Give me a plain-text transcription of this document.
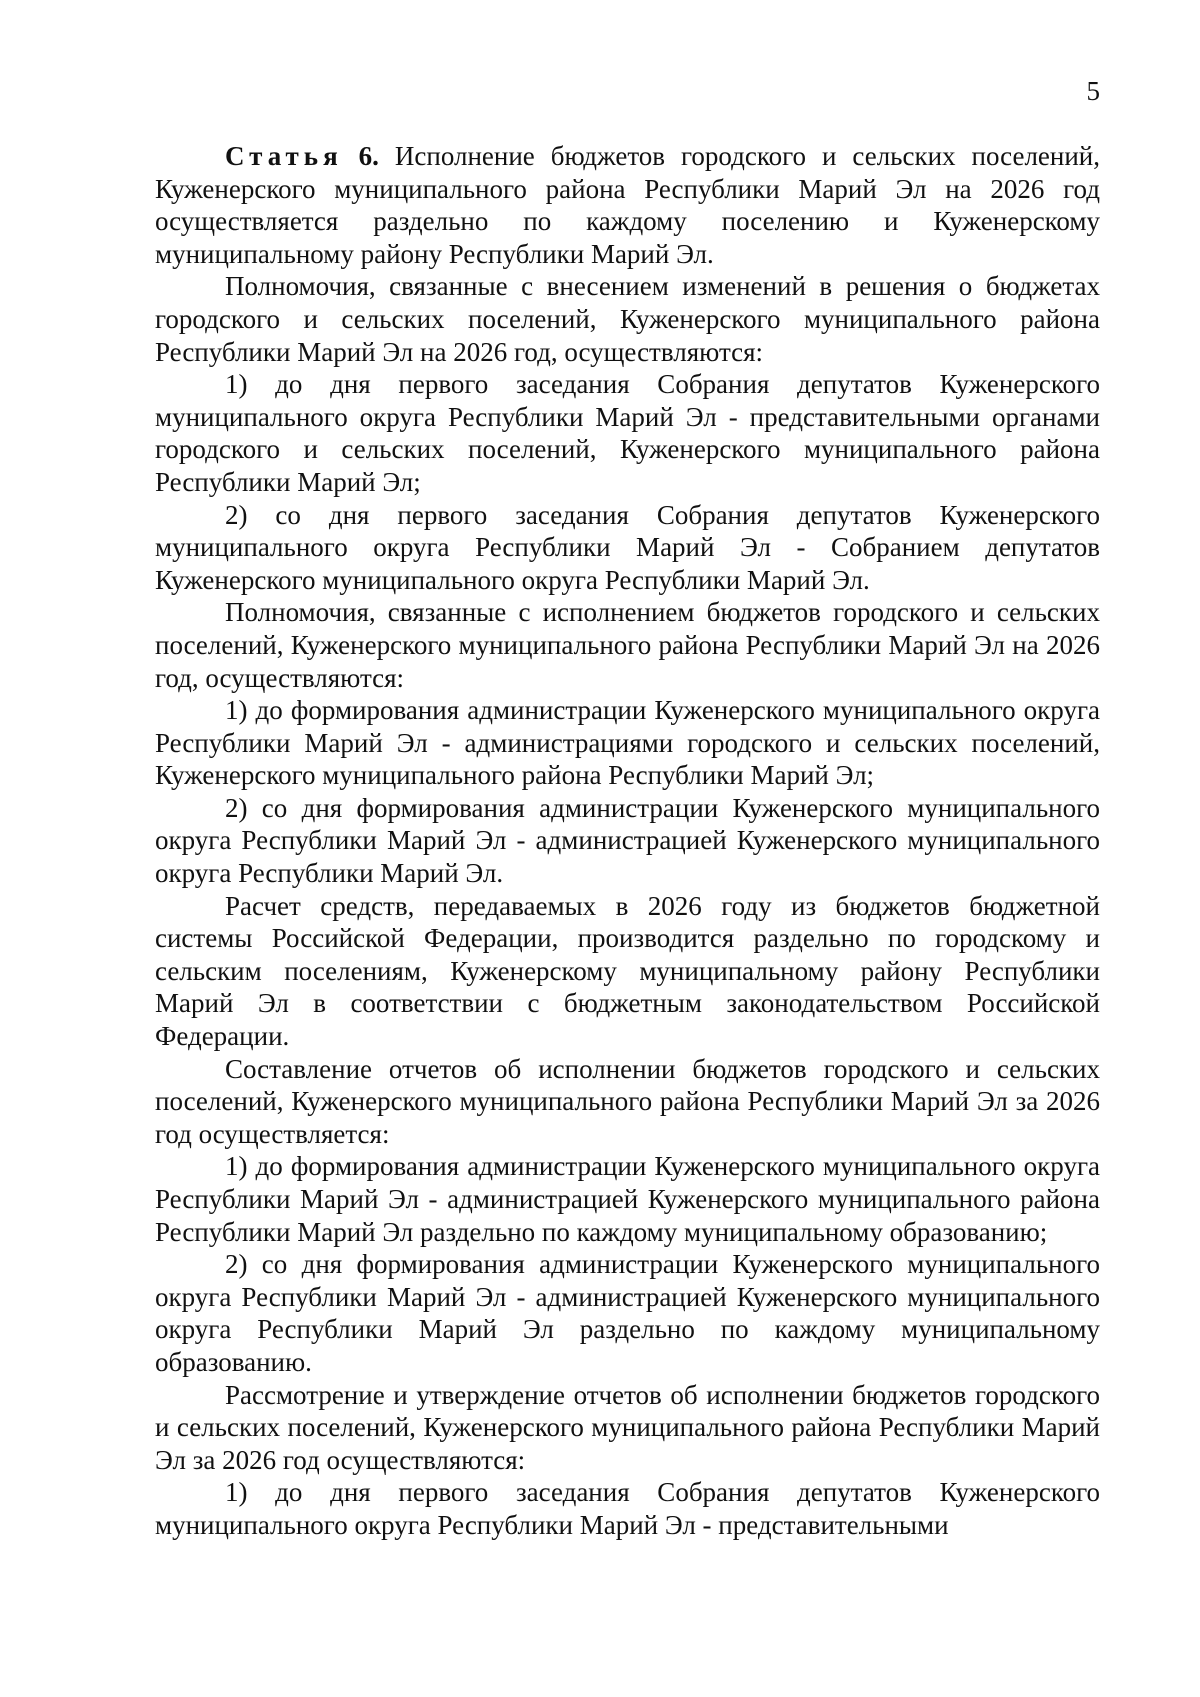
5

Статья 6. Исполнение бюджетов городского и сельских поселений, Куженерского муниципального района Республики Марий Эл на 2026 год осуществляется раздельно по каждому поселению и Куженерскому муниципальному району Республики Марий Эл.

Полномочия, связанные с внесением изменений в решения о бюджетах городского и сельских поселений, Куженерского муниципального района Республики Марий Эл на 2026 год, осуществляются:

1) до дня первого заседания Собрания депутатов Куженерского муниципального округа Республики Марий Эл - представительными органами городского и сельских поселений, Куженерского муниципального района Республики Марий Эл;

2) со дня первого заседания Собрания депутатов Куженерского муниципального округа Республики Марий Эл - Собранием депутатов Куженерского муниципального округа Республики Марий Эл.

Полномочия, связанные с исполнением бюджетов городского и сельских поселений, Куженерского муниципального района Республики Марий Эл на 2026 год, осуществляются:

1) до формирования администрации Куженерского муниципального округа Республики Марий Эл - администрациями городского и сельских поселений, Куженерского муниципального района Республики Марий Эл;

2) со дня формирования администрации Куженерского муниципального округа Республики Марий Эл - администрацией Куженерского муниципального округа Республики Марий Эл.

Расчет средств, передаваемых в 2026 году из бюджетов бюджетной системы Российской Федерации, производится раздельно по городскому и сельским поселениям, Куженерскому муниципальному району Республики Марий Эл в соответствии с бюджетным законодательством Российской Федерации.

Составление отчетов об исполнении бюджетов городского и сельских поселений, Куженерского муниципального района Республики Марий Эл за 2026 год осуществляется:

1) до формирования администрации Куженерского муниципального округа Республики Марий Эл - администрацией Куженерского муниципального района Республики Марий Эл раздельно по каждому муниципальному образованию;

2) со дня формирования администрации Куженерского муниципального округа Республики Марий Эл - администрацией Куженерского муниципального округа Республики Марий Эл раздельно по каждому муниципальному образованию.

Рассмотрение и утверждение отчетов об исполнении бюджетов городского и сельских поселений, Куженерского муниципального района Республики Марий Эл за 2026 год осуществляются:

1) до дня первого заседания Собрания депутатов Куженерского муниципального округа Республики Марий Эл - представительными
